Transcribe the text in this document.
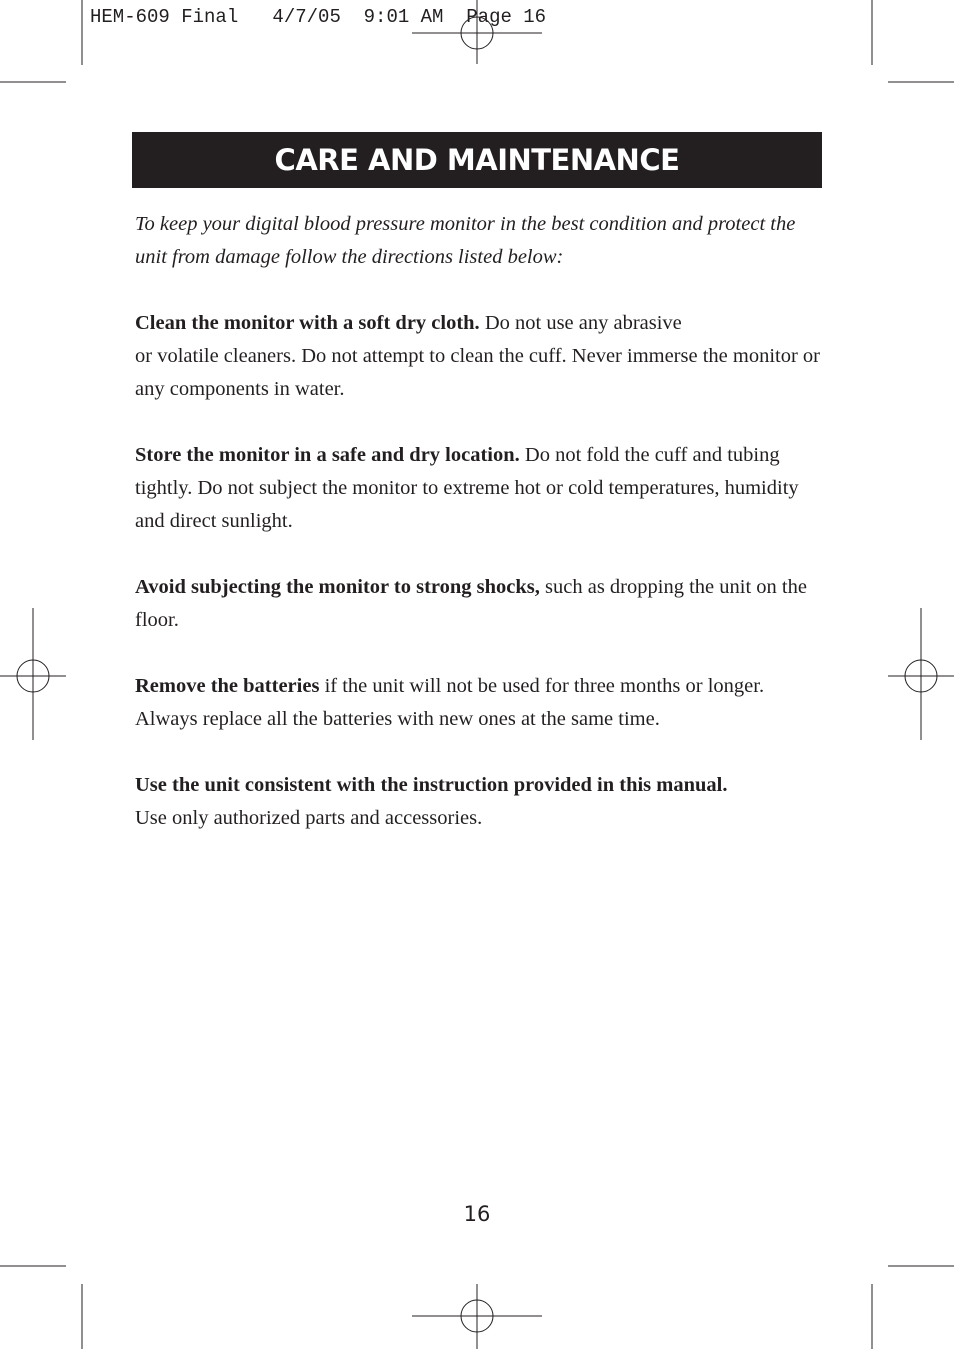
HEM-609 Final   4/7/05  9:01 AM  Page 16
CARE AND MAINTENANCE

To keep your digital blood pressure monitor in the best condition and protect the unit from damage follow the directions listed below:

Clean the monitor with a soft dry cloth. Do not use any abrasive
or volatile cleaners. Do not attempt to clean the cuff. Never immerse the monitor or any components in water.

Store the monitor in a safe and dry location. Do not fold the cuff and tubing tightly. Do not subject the monitor to extreme hot or cold temperatures, humidity and direct sunlight.

Avoid subjecting the monitor to strong shocks, such as dropping the unit on the floor.

Remove the batteries if the unit will not be used for three months or longer. Always replace all the batteries with new ones at the same time.

Use the unit consistent with the instruction provided in this manual.
Use only authorized parts and accessories.

16
